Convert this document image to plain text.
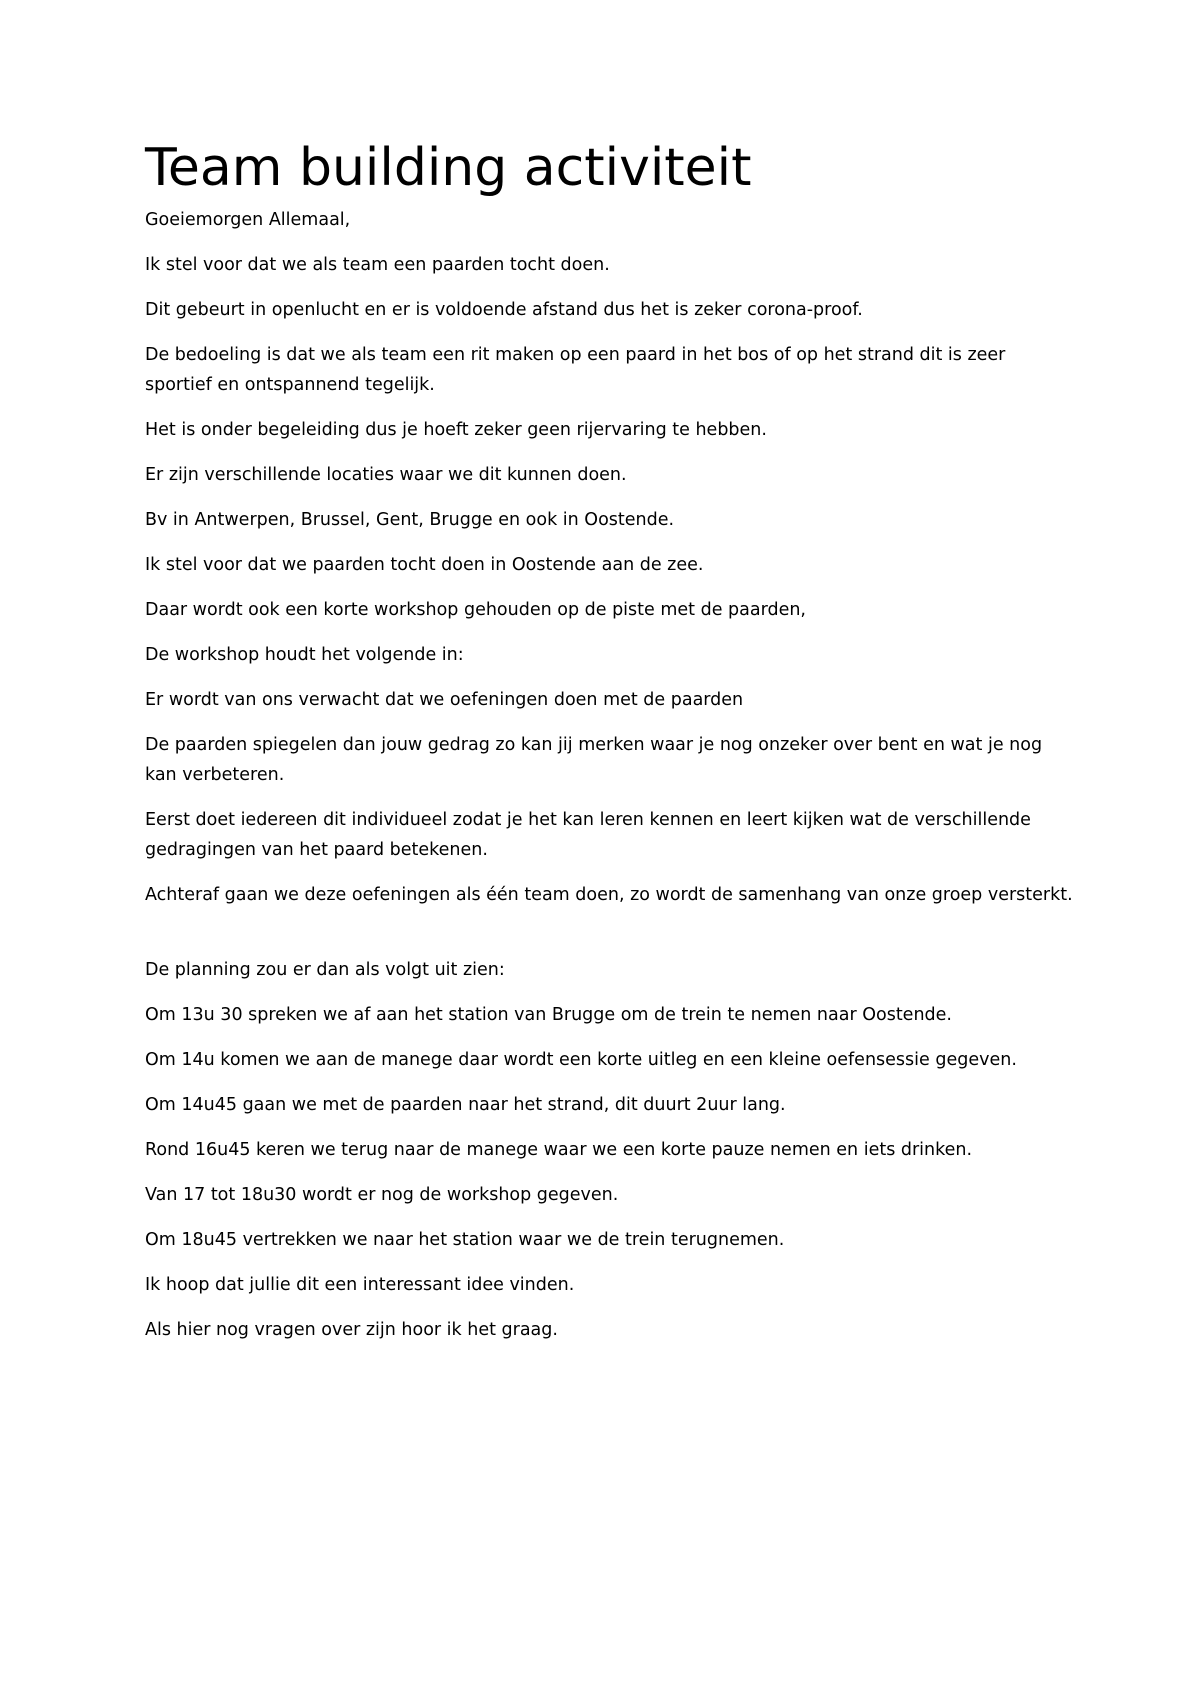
Team building activiteit

Goeiemorgen Allemaal,

Ik stel voor dat we als team een paarden tocht doen.

Dit gebeurt in openlucht en er is voldoende afstand dus het is zeker corona-proof.

De bedoeling is dat we als team een rit maken op een paard in het bos of op het strand dit is zeer sportief en ontspannend tegelijk.

Het is onder begeleiding dus je hoeft zeker geen rijervaring te hebben.

Er zijn verschillende locaties waar we dit kunnen doen.

Bv in Antwerpen, Brussel, Gent, Brugge en ook in Oostende.

Ik stel voor dat we paarden tocht doen in Oostende aan de zee.

Daar wordt ook een korte workshop gehouden op de piste met de paarden,

De workshop houdt het volgende in:

Er wordt van ons verwacht dat we oefeningen doen met de paarden

De paarden spiegelen dan jouw gedrag zo kan jij merken waar je nog onzeker over bent en wat je nog kan verbeteren.

Eerst doet iedereen dit individueel zodat je het kan leren kennen en leert kijken wat de verschillende gedragingen van het paard betekenen.

Achteraf gaan we deze oefeningen als één team doen, zo wordt de samenhang van onze groep versterkt.

De planning zou er dan als volgt uit zien:

Om 13u 30 spreken we af aan het station van Brugge om de trein te nemen naar Oostende.

Om 14u komen we aan de manege daar wordt een korte uitleg en een kleine oefensessie gegeven.

Om 14u45 gaan we met de paarden naar het strand, dit duurt 2uur lang.

Rond 16u45 keren we terug naar de manege waar we een korte pauze nemen en iets drinken.

Van 17 tot 18u30 wordt er nog de workshop gegeven.

Om 18u45 vertrekken we naar het station waar we de trein terugnemen.

Ik hoop dat jullie dit een interessant idee vinden.

Als hier nog vragen over zijn hoor ik het graag.
